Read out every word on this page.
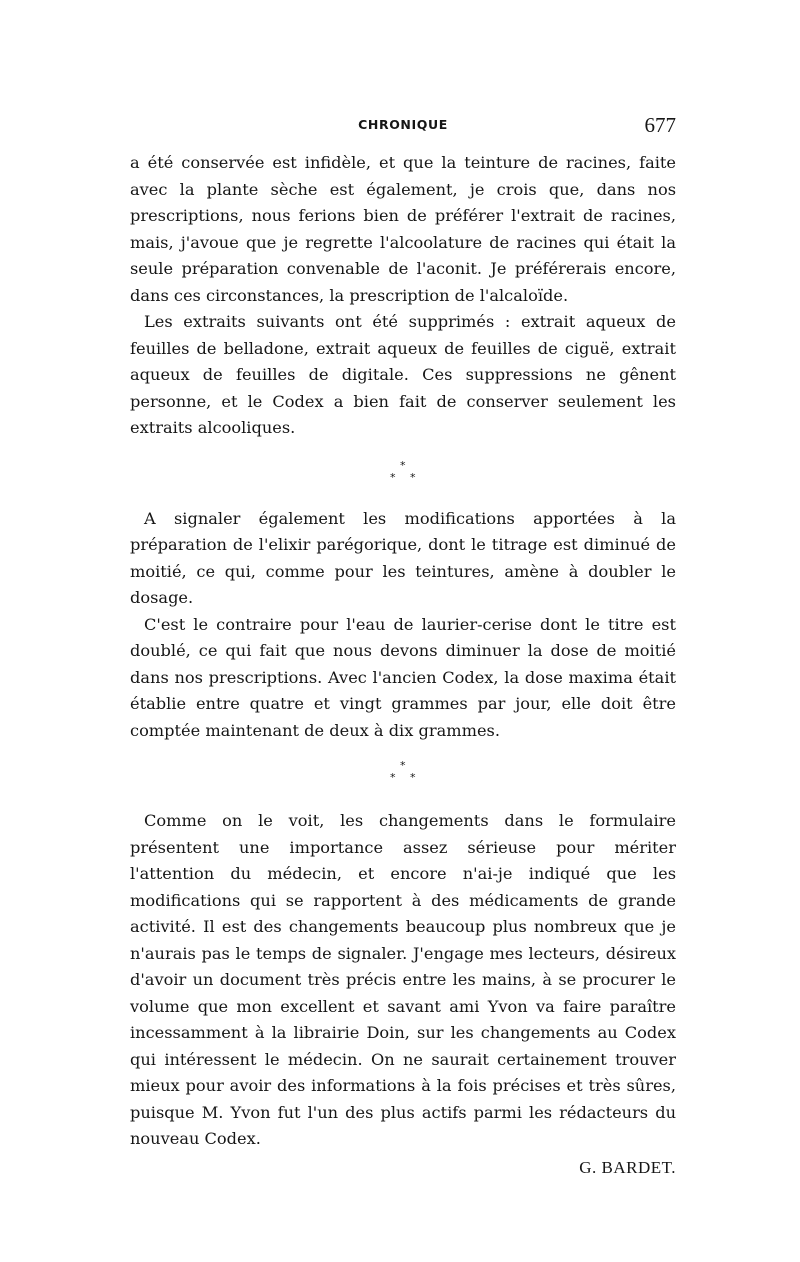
CHRONIQUE	677

a été conservée est infidèle, et que la teinture de racines, faite avec la plante sèche est également, je crois que, dans nos prescriptions, nous ferions bien de préférer l'extrait de racines, mais, j'avoue que je regrette l'alcoolature de racines qui était la seule préparation convenable de l'aconit. Je préférerais encore, dans ces circonstances, la prescription de l'alcaloïde.

Les extraits suivants ont été supprimés : extrait aqueux de feuilles de belladone, extrait aqueux de feuilles de ciguë, extrait aqueux de feuilles de digitale. Ces suppressions ne gênent personne, et le Codex a bien fait de conserver seulement les extraits alcooliques.

*
* *

A signaler également les modifications apportées à la préparation de l'elixir parégorique, dont le titrage est diminué de moitié, ce qui, comme pour les teintures, amène à doubler le dosage.

C'est le contraire pour l'eau de laurier-cerise dont le titre est doublé, ce qui fait que nous devons diminuer la dose de moitié dans nos prescriptions. Avec l'ancien Codex, la dose maxima était établie entre quatre et vingt grammes par jour, elle doit être comptée maintenant de deux à dix grammes.

*
* *

Comme on le voit, les changements dans le formulaire présentent une importance assez sérieuse pour mériter l'attention du médecin, et encore n'ai-je indiqué que les modifications qui se rapportent à des médicaments de grande activité. Il est des changements beaucoup plus nombreux que je n'aurais pas le temps de signaler. J'engage mes lecteurs, désireux d'avoir un document très précis entre les mains, à se procurer le volume que mon excellent et savant ami Yvon va faire paraître incessamment à la librairie Doin, sur les changements au Codex qui intéressent le médecin. On ne saurait certainement trouver mieux pour avoir des informations à la fois précises et très sûres, puisque M. Yvon fut l'un des plus actifs parmi les rédacteurs du nouveau Codex.

G. BARDET.
